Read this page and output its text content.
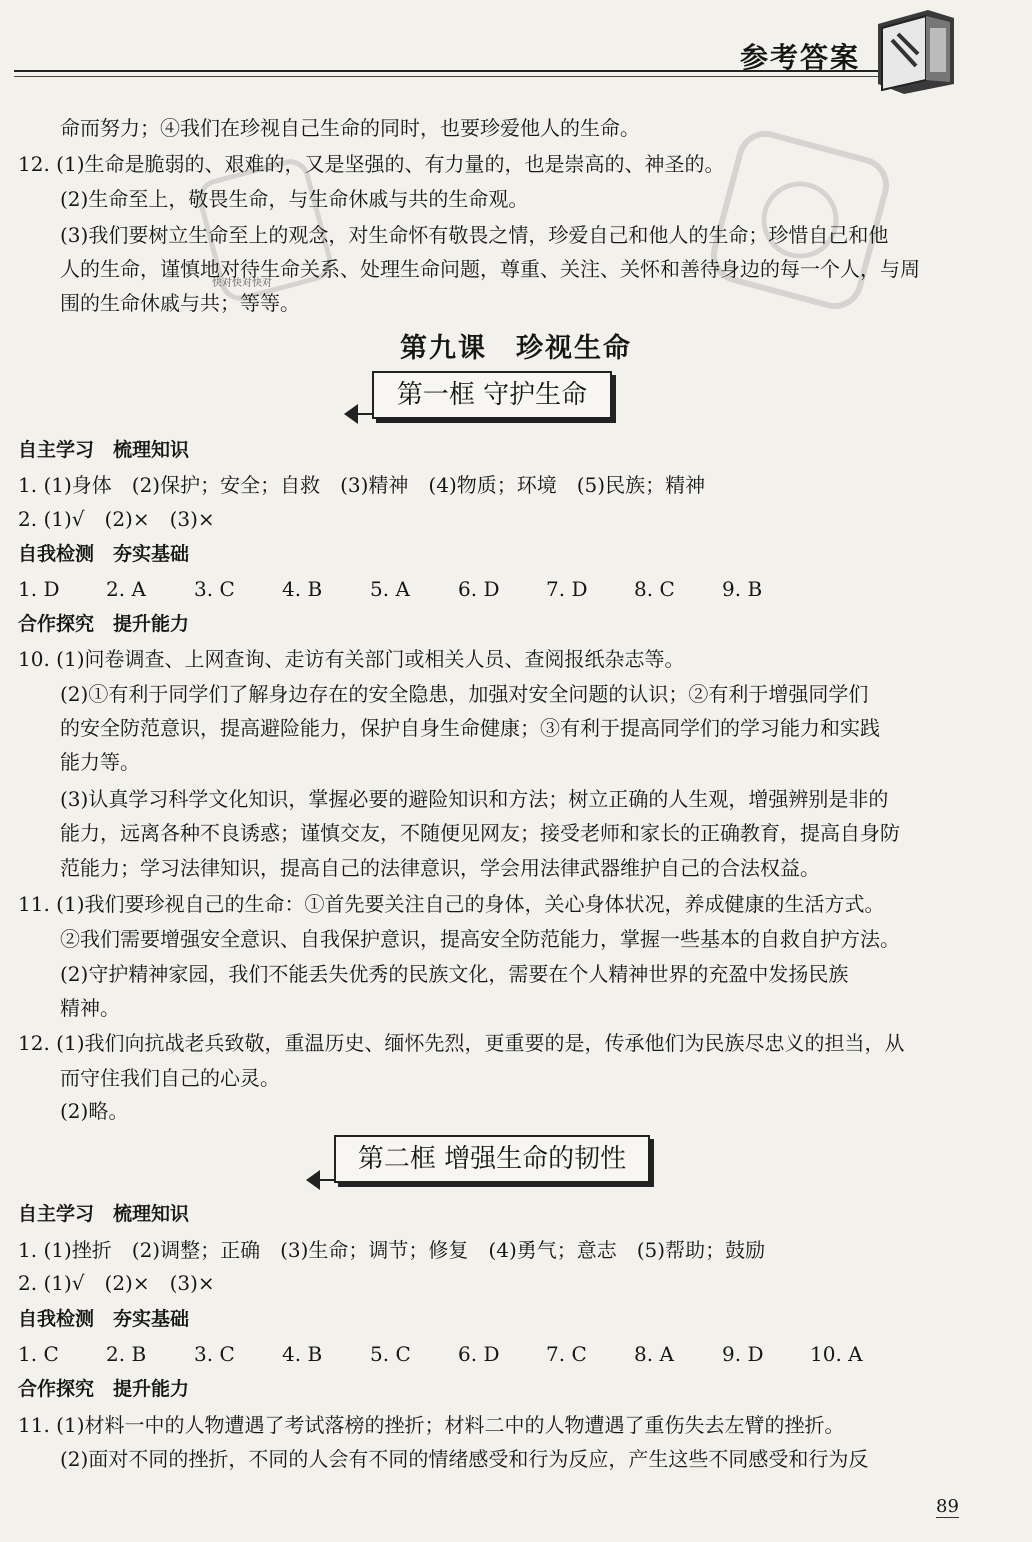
参考答案
快对快对快对
命而努力；④我们在珍视自己生命的同时，也要珍爱他人的生命。
12. (1)生命是脆弱的、艰难的，又是坚强的、有力量的，也是崇高的、神圣的。
(2)生命至上，敬畏生命，与生命休戚与共的生命观。
(3)我们要树立生命至上的观念，对生命怀有敬畏之情，珍爱自己和他人的生命；珍惜自己和他
人的生命，谨慎地对待生命关系、处理生命问题，尊重、关注、关怀和善待身边的每一个人，与周
围的生命休戚与共；等等。
第九课　珍视生命
第一框 守护生命
自主学习　梳理知识
1. (1)身体　(2)保护；安全；自救　(3)精神　(4)物质；环境　(5)民族；精神
2. (1)√　(2)×　(3)×
自我检测　夯实基础
1. D 2. A 3. C 4. B 5. A 6. D 7. D 8. C 9. B
合作探究　提升能力
10. (1)问卷调查、上网查询、走访有关部门或相关人员、查阅报纸杂志等。
(2)①有利于同学们了解身边存在的安全隐患，加强对安全问题的认识；②有利于增强同学们
的安全防范意识，提高避险能力，保护自身生命健康；③有利于提高同学们的学习能力和实践
能力等。
(3)认真学习科学文化知识，掌握必要的避险知识和方法；树立正确的人生观，增强辨别是非的
能力，远离各种不良诱惑；谨慎交友，不随便见网友；接受老师和家长的正确教育，提高自身防
范能力；学习法律知识，提高自己的法律意识，学会用法律武器维护自己的合法权益。
11. (1)我们要珍视自己的生命：①首先要关注自己的身体，关心身体状况，养成健康的生活方式。
②我们需要增强安全意识、自我保护意识，提高安全防范能力，掌握一些基本的自救自护方法。
(2)守护精神家园，我们不能丢失优秀的民族文化，需要在个人精神世界的充盈中发扬民族
精神。
12. (1)我们向抗战老兵致敬，重温历史、缅怀先烈，更重要的是，传承他们为民族尽忠义的担当，从
而守住我们自己的心灵。
(2)略。
第二框 增强生命的韧性
自主学习　梳理知识
1. (1)挫折　(2)调整；正确　(3)生命；调节；修复　(4)勇气；意志　(5)帮助；鼓励
2. (1)√　(2)×　(3)×
自我检测　夯实基础
1. C 2. B 3. C 4. B 5. C 6. D 7. C 8. A 9. D 10. A
合作探究　提升能力
11. (1)材料一中的人物遭遇了考试落榜的挫折；材料二中的人物遭遇了重伤失去左臂的挫折。
(2)面对不同的挫折，不同的人会有不同的情绪感受和行为反应，产生这些不同感受和行为反
89
